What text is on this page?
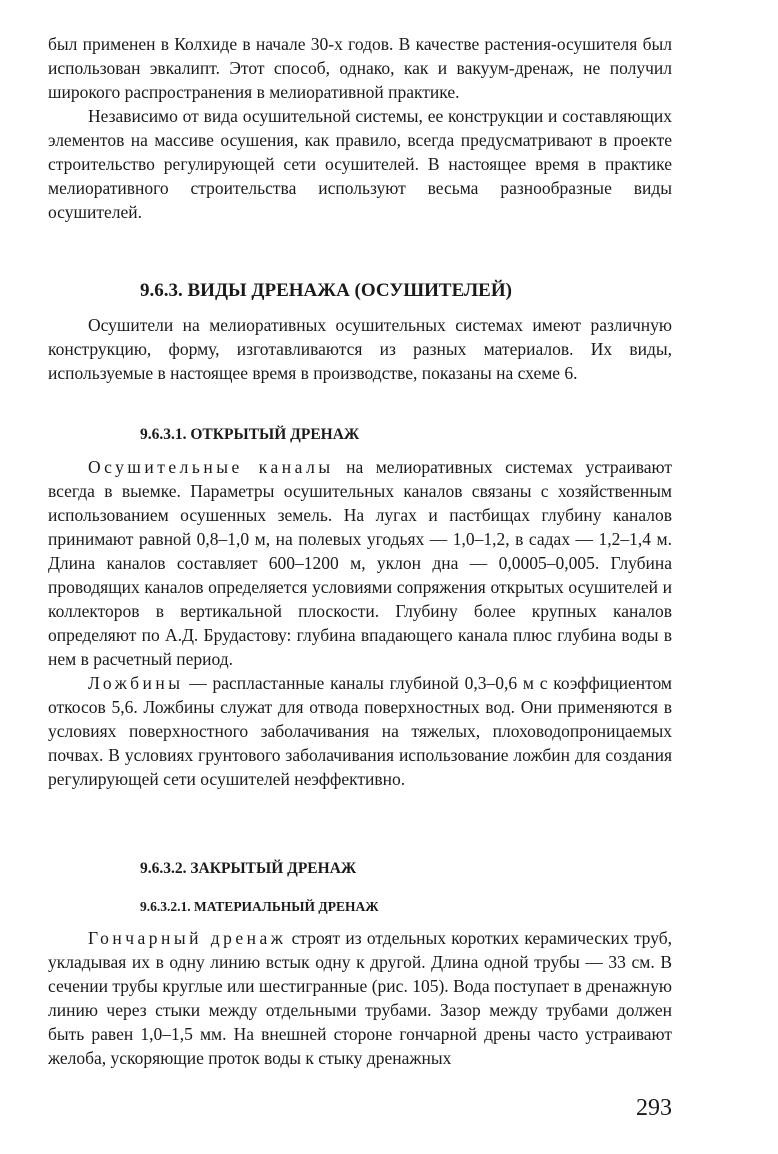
был применен в Колхиде в начале 30-х годов. В качестве растения-осушителя был использован эвкалипт. Этот способ, однако, как и вакуум-дренаж, не получил широкого распространения в мелиоративной практике.

Независимо от вида осушительной системы, ее конструкции и составляющих элементов на массиве осушения, как правило, всегда предусматривают в проекте строительство регулирующей сети осушителей. В настоящее время в практике мелиоративного строительства используют весьма разнообразные виды осушителей.

9.6.3. ВИДЫ ДРЕНАЖА (ОСУШИТЕЛЕЙ)

Осушители на мелиоративных осушительных системах имеют различную конструкцию, форму, изготавливаются из разных материалов. Их виды, используемые в настоящее время в производстве, показаны на схеме 6.

9.6.3.1. ОТКРЫТЫЙ ДРЕНАЖ

Осушительные каналы на мелиоративных системах устраивают всегда в выемке. Параметры осушительных каналов связаны с хозяйственным использованием осушенных земель. На лугах и пастбищах глубину каналов принимают равной 0,8–1,0 м, на полевых угодьях — 1,0–1,2, в садах — 1,2–1,4 м. Длина каналов составляет 600–1200 м, уклон дна — 0,0005–0,005. Глубина проводящих каналов определяется условиями сопряжения открытых осушителей и коллекторов в вертикальной плоскости. Глубину более крупных каналов определяют по А.Д. Брудастову: глубина впадающего канала плюс глубина воды в нем в расчетный период.

Ложбины — распластанные каналы глубиной 0,3–0,6 м с коэффициентом откосов 5,6. Ложбины служат для отвода поверхностных вод. Они применяются в условиях поверхностного заболачивания на тяжелых, плоховодопроницаемых почвах. В условиях грунтового заболачивания использование ложбин для создания регулирующей сети осушителей неэффективно.

9.6.3.2. ЗАКРЫТЫЙ ДРЕНАЖ
9.6.3.2.1. МАТЕРИАЛЬНЫЙ ДРЕНАЖ

Гончарный дренаж строят из отдельных коротких керамических труб, укладывая их в одну линию встык одну к другой. Длина одной трубы — 33 см. В сечении трубы круглые или шестигранные (рис. 105). Вода поступает в дренажную линию через стыки между отдельными трубами. Зазор между трубами должен быть равен 1,0–1,5 мм. На внешней стороне гончарной дрены часто устраивают желоба, ускоряющие проток воды к стыку дренажных

293
